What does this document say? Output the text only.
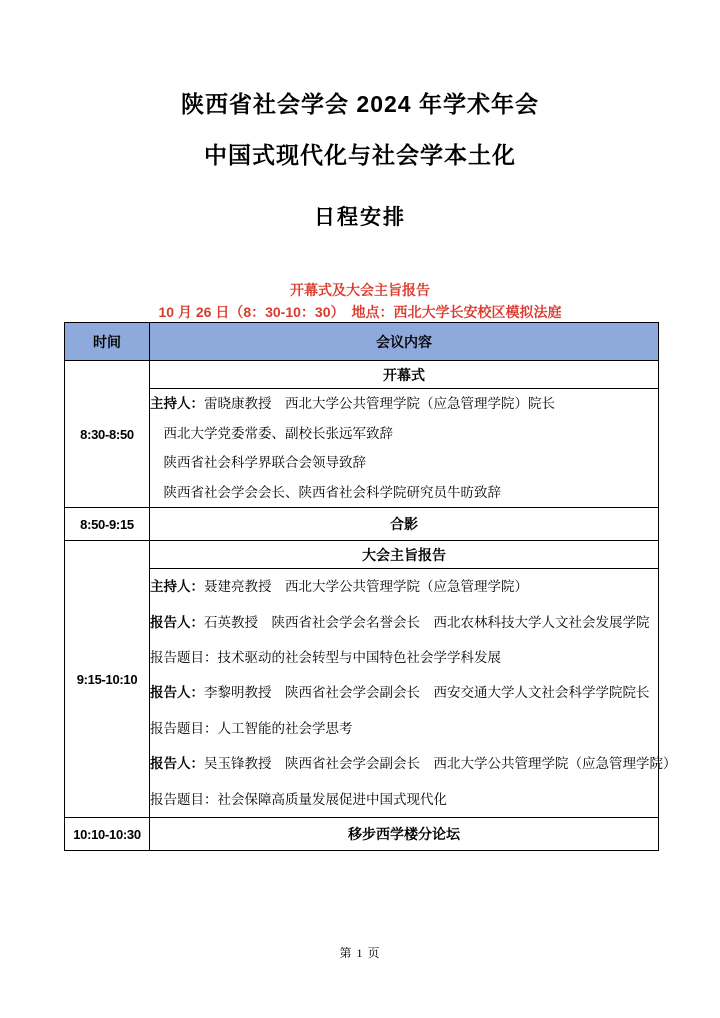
陕西省社会学会 2024 年学术年会
中国式现代化与社会学本土化
日程安排
开幕式及大会主旨报告
10 月 26 日（8：30-10：30）　地点：西北大学长安校区模拟法庭
时间	会议内容
8:30-8:50	开幕式

	主持人：雷晓康教授　西北大学公共管理学院（应急管理学院）院长
　西北大学党委常委、副校长张远军致辞
　陕西省社会科学界联合会领导致辞
　陕西省社会学会会长、陕西省社会科学院研究员牛昉致辞

8:50-9:15	合影
9:15-10:10	大会主旨报告

主持人：聂建亮教授　西北大学公共管理学院（应急管理学院）
报告人：石英教授　陕西省社会学会名誉会长　西北农林科技大学人文社会发展学院
报告题目：技术驱动的社会转型与中国特色社会学学科发展
报告人：李黎明教授　陕西省社会学会副会长　西安交通大学人文社会科学学院院长
报告题目：人工智能的社会学思考
报告人：吴玉锋教授　陕西省社会学会副会长　西北大学公共管理学院（应急管理学院）
报告题目：社会保障高质量发展促进中国式现代化

10:10-10:30	移步西学楼分论坛
第 1 页
